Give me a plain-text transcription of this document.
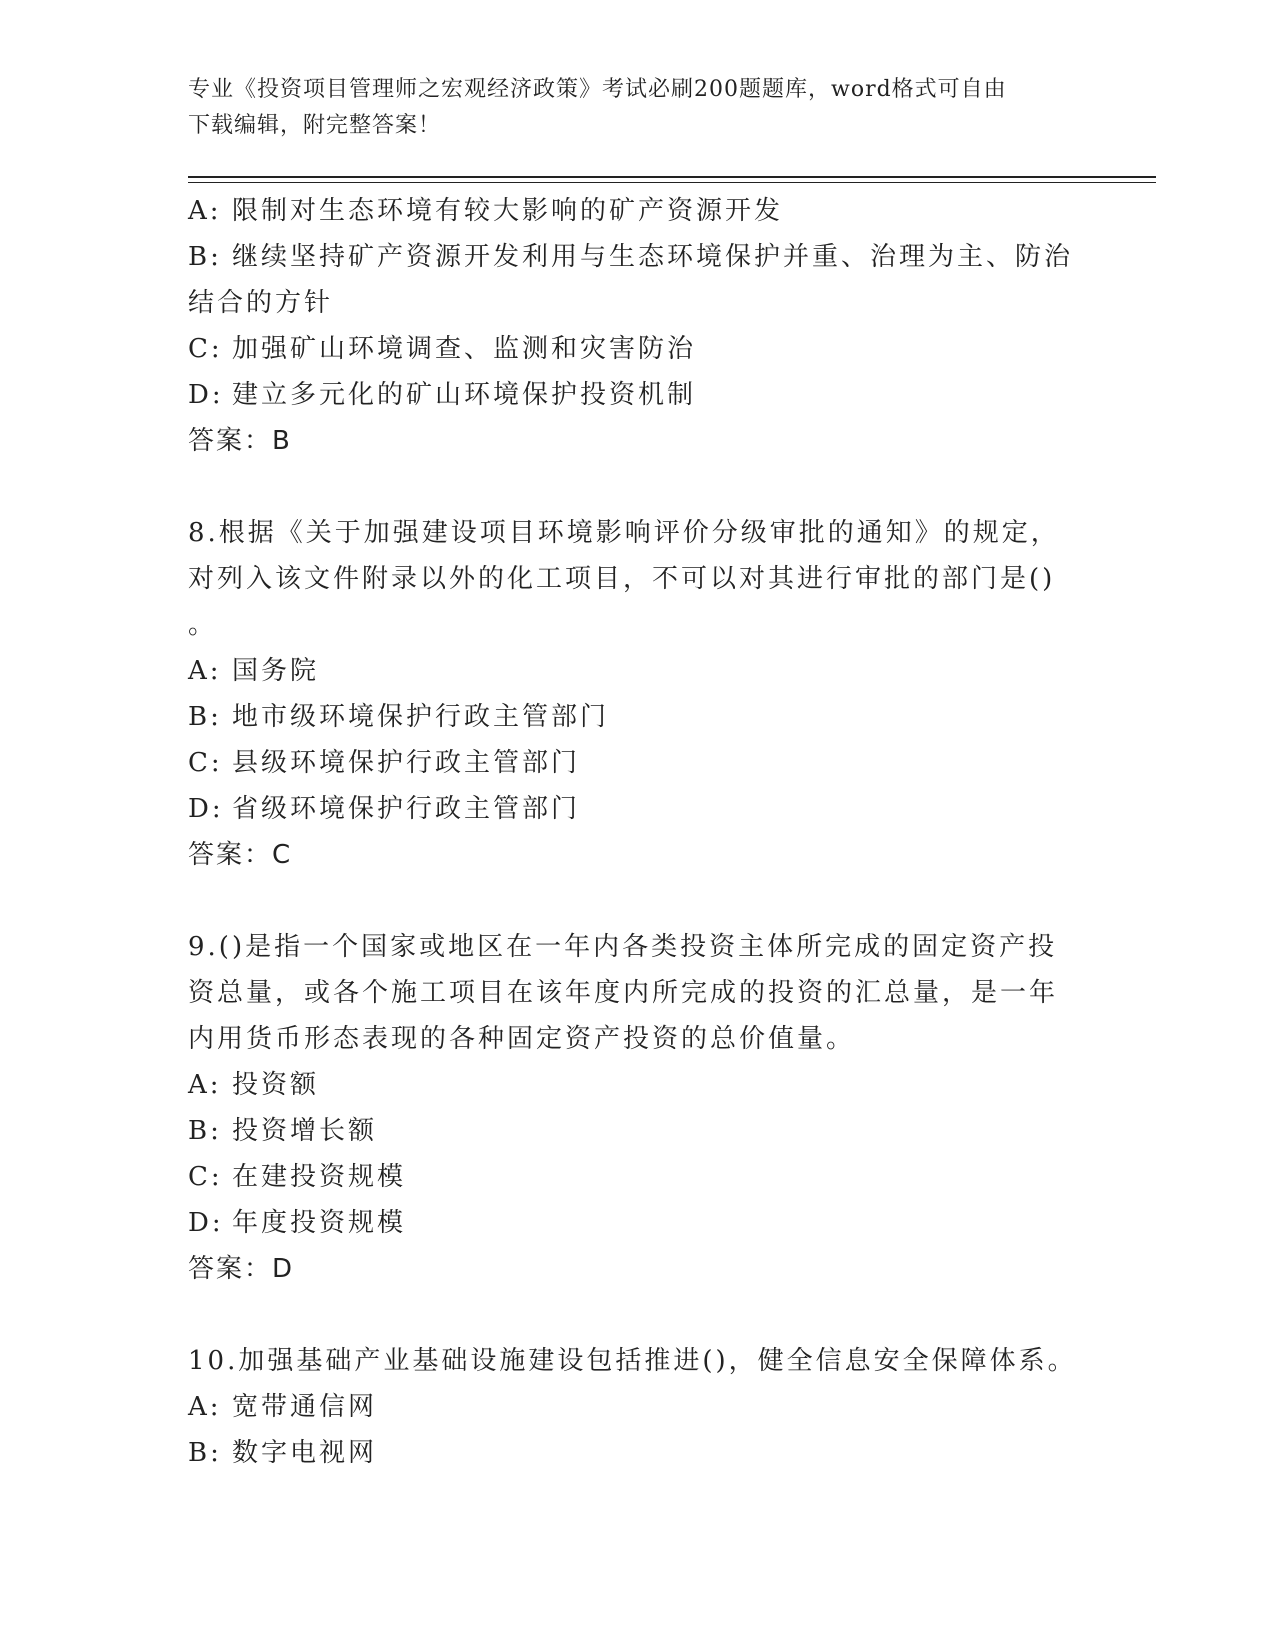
专业《投资项目管理师之宏观经济政策》考试必刷200题题库，word格式可自由
下载编辑，附完整答案！
A: 限制对生态环境有较大影响的矿产资源开发
B: 继续坚持矿产资源开发利用与生态环境保护并重、治理为主、防治
结合的方针
C: 加强矿山环境调查、监测和灾害防治
D: 建立多元化的矿山环境保护投资机制
答案：B
8.根据《关于加强建设项目环境影响评价分级审批的通知》的规定，
对列入该文件附录以外的化工项目，不可以对其进行审批的部门是()
。
A: 国务院
B: 地市级环境保护行政主管部门
C: 县级环境保护行政主管部门
D: 省级环境保护行政主管部门
答案：C
9.()是指一个国家或地区在一年内各类投资主体所完成的固定资产投
资总量，或各个施工项目在该年度内所完成的投资的汇总量，是一年
内用货币形态表现的各种固定资产投资的总价值量。
A: 投资额
B: 投资增长额
C: 在建投资规模
D: 年度投资规模
答案：D
10.加强基础产业基础设施建设包括推进()，健全信息安全保障体系。
A: 宽带通信网
B: 数字电视网
